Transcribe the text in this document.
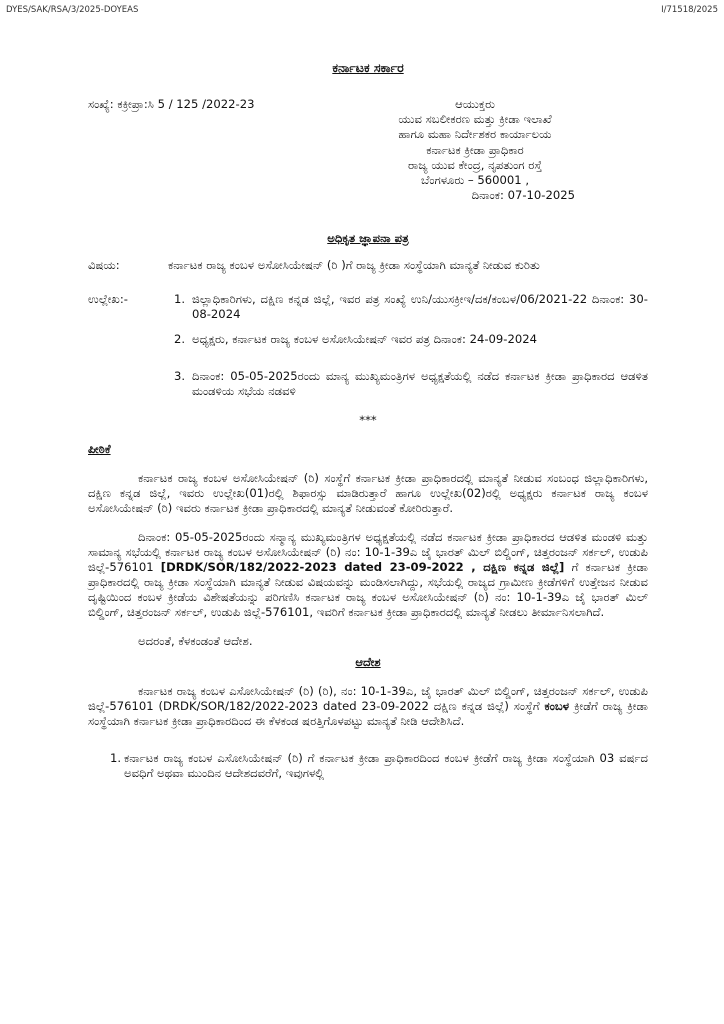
DYES/SAK/RSA/3/2025-DOYEAS	I/71518/2025
ಕರ್ನಾಟಕ ಸರ್ಕಾರ
ಸಂಖ್ಯೆ: ಕಕ್ರೀಪ್ರಾ:ಸಿ 5 / 125 /2022-23	ಆಯುಕ್ತರು
ಯುವ ಸಬಲೀಕರಣ ಮತ್ತು ಕ್ರೀಡಾ ಇಲಾಖೆ
ಹಾಗೂ ಮಹಾ ನಿರ್ದೇಶಕರ ಕಾರ್ಯಾಲಯ
ಕರ್ನಾಟಕ ಕ್ರೀಡಾ ಪ್ರಾಧಿಕಾರ
ರಾಜ್ಯ ಯುವ ಕೇಂದ್ರ, ನೃಪತುಂಗ ರಸ್ತೆ
ಬೆಂಗಳೂರು – 560001 ,
ದಿನಾಂಕ: 07-10-2025
ಅಧಿಕೃತ ಜ್ಞಾಪನಾ ಪತ್ರ
ವಿಷಯ:	ಕರ್ನಾಟಕ ರಾಜ್ಯ ಕಂಬಳ ಅಸೋಸಿಯೇಷನ್ (ರಿ )ಗೆ ರಾಜ್ಯ ಕ್ರೀಡಾ ಸಂಸ್ಥೆಯಾಗಿ ಮಾನ್ಯತೆ ನೀಡುವ ಕುರಿತು
ಉಲ್ಲೇಖ:-	1. ಜಿಲ್ಲಾಧಿಕಾರಿಗಳು, ದಕ್ಷಿಣ ಕನ್ನಡ ಜಿಲ್ಲೆ, ಇವರ ಪತ್ರ ಸಂಖ್ಯೆ ಉನಿ/ಯುಸಕ್ರೀಇ/ದಕ/ಕಂಬಳ/06/2021-22 ದಿನಾಂಕ: 30-08-2024
2. ಅಧ್ಯಕ್ಷರು, ಕರ್ನಾಟಕ ರಾಜ್ಯ ಕಂಬಳ ಅಸೋಸಿಯೇಷನ್ ಇವರ ಪತ್ರ ದಿನಾಂಕ: 24-09-2024
3. ದಿನಾಂಕ: 05-05-2025ರಂದು ಮಾನ್ಯ ಮುಖ್ಯಮಂತ್ರಿಗಳ ಅಧ್ಯಕ್ಷತೆಯಲ್ಲಿ ನಡೆದ ಕರ್ನಾಟಕ ಕ್ರೀಡಾ ಪ್ರಾಧಿಕಾರದ ಆಡಳಿತ ಮಂಡಳಿಯ ಸಭೆಯ ನಡವಳಿ
***
ಪೀಠಿಕೆ
ಕರ್ನಾಟಕ ರಾಜ್ಯ ಕಂಬಳ ಅಸೋಸಿಯೇಷನ್ (ರಿ) ಸಂಸ್ಥೆಗೆ ಕರ್ನಾಟಕ ಕ್ರೀಡಾ ಪ್ರಾಧಿಕಾರದಲ್ಲಿ ಮಾನ್ಯತೆ ನೀಡುವ ಸಂಬಂಧ ಜಿಲ್ಲಾಧಿಕಾರಿಗಳು, ದಕ್ಷಿಣ ಕನ್ನಡ ಜಿಲ್ಲೆ, ಇವರು ಉಲ್ಲೇಖ(01)ರಲ್ಲಿ ಶಿಫಾರಸ್ಸು ಮಾಡಿರುತ್ತಾರೆ ಹಾಗೂ ಉಲ್ಲೇಖ(02)ರಲ್ಲಿ ಅಧ್ಯಕ್ಷರು ಕರ್ನಾಟಕ ರಾಜ್ಯ ಕಂಬಳ ಅಸೋಸಿಯೇಷನ್ (ರಿ) ಇವರು ಕರ್ನಾಟಕ ಕ್ರೀಡಾ ಪ್ರಾಧಿಕಾರದಲ್ಲಿ ಮಾನ್ಯತೆ ನೀಡುವಂತೆ ಕೋರಿರುತ್ತಾರೆ.
ದಿನಾಂಕ: 05-05-2025ರಂದು ಸನ್ಮಾನ್ಯ ಮುಖ್ಯಮಂತ್ರಿಗಳ ಅಧ್ಯಕ್ಷತೆಯಲ್ಲಿ ನಡೆದ ಕರ್ನಾಟಕ ಕ್ರೀಡಾ ಪ್ರಾಧಿಕಾರದ ಆಡಳಿತ ಮಂಡಳಿ ಮತ್ತು ಸಾಮಾನ್ಯ ಸಭೆಯಲ್ಲಿ ಕರ್ನಾಟಕ ರಾಜ್ಯ ಕಂಬಳ ಅಸೋಸಿಯೇಷನ್ (ರಿ) ನಂ: 10-1-39ಎ ಜೈ ಭಾರತ್ ಮಿಲ್ ಬಿಲ್ಡಿಂಗ್, ಚಿತ್ತರಂಜನ್ ಸರ್ಕಲ್, ಉಡುಪಿ ಜಿಲ್ಲೆ-576101 [DRDK/SOR/182/2022-2023 dated 23-09-2022 , ದಕ್ಷಿಣ ಕನ್ನಡ ಜಿಲ್ಲೆ] ಗೆ ಕರ್ನಾಟಕ ಕ್ರೀಡಾ ಪ್ರಾಧಿಕಾರದಲ್ಲಿ ರಾಜ್ಯ ಕ್ರೀಡಾ ಸಂಸ್ಥೆಯಾಗಿ ಮಾನ್ಯತೆ ನೀಡುವ ವಿಷಯವನ್ನು ಮಂಡಿಸಲಾಗಿದ್ದು, ಸಭೆಯಲ್ಲಿ ರಾಜ್ಯದ ಗ್ರಾಮೀಣ ಕ್ರೀಡೆಗಳಿಗೆ ಉತ್ತೇಜನ ನೀಡುವ ದೃಷ್ಟಿಯಿಂದ ಕಂಬಳ ಕ್ರೀಡೆಯ ವಿಶೇಷತೆಯನ್ನು ಪರಿಗಣಿಸಿ ಕರ್ನಾಟಕ ರಾಜ್ಯ ಕಂಬಳ ಅಸೋಸಿಯೇಷನ್ (ರಿ) ನಂ: 10-1-39ಎ ಜೈ ಭಾರತ್ ಮಿಲ್ ಬಿಲ್ಡಿಂಗ್, ಚಿತ್ತರಂಜನ್ ಸರ್ಕಲ್, ಉಡುಪಿ ಜಿಲ್ಲೆ-576101, ಇವರಿಗೆ ಕರ್ನಾಟಕ ಕ್ರೀಡಾ ಪ್ರಾಧಿಕಾರದಲ್ಲಿ ಮಾನ್ಯತೆ ನೀಡಲು ತೀರ್ಮಾನಿಸಲಾಗಿದೆ.
ಅದರಂತೆ, ಕೆಳಕಂಡಂತೆ ಆದೇಶ.
ಆದೇಶ
ಕರ್ನಾಟಕ ರಾಜ್ಯ ಕಂಬಳ ಎಸೋಸಿಯೇಷನ್ (ರಿ) (ರಿ), ನಂ: 10-1-39ಎ, ಜೈ ಭಾರತ್ ಮಿಲ್ ಬಿಲ್ಡಿಂಗ್, ಚಿತ್ತರಂಜನ್ ಸರ್ಕಲ್, ಉಡುಪಿ ಜಿಲ್ಲೆ-576101 (DRDK/SOR/182/2022-2023 dated 23-09-2022 ದಕ್ಷಿಣ ಕನ್ನಡ ಜಿಲ್ಲೆ) ಸಂಸ್ಥೆಗೆ ಕಂಬಳ ಕ್ರೀಡೆಗೆ ರಾಜ್ಯ ಕ್ರೀಡಾ ಸಂಸ್ಥೆಯಾಗಿ ಕರ್ನಾಟಕ ಕ್ರೀಡಾ ಪ್ರಾಧಿಕಾರದಿಂದ ಈ ಕೆಳಕಂಡ ಷರತ್ತಿಗೊಳಪಟ್ಟು ಮಾನ್ಯತೆ ನೀಡಿ ಆದೇಶಿಸಿದೆ.
1. ಕರ್ನಾಟಕ ರಾಜ್ಯ ಕಂಬಳ ಎಸೋಸಿಯೇಷನ್ (ರಿ) ಗೆ ಕರ್ನಾಟಕ ಕ್ರೀಡಾ ಪ್ರಾಧಿಕಾರದಿಂದ ಕಂಬಳ ಕ್ರೀಡೆಗೆ ರಾಜ್ಯ ಕ್ರೀಡಾ ಸಂಸ್ಥೆಯಾಗಿ 03 ವರ್ಷದ ಅವಧಿಗೆ ಅಥವಾ ಮುಂದಿನ ಆದೇಶದವರೆಗೆ, ಇವುಗಳಲ್ಲಿ
